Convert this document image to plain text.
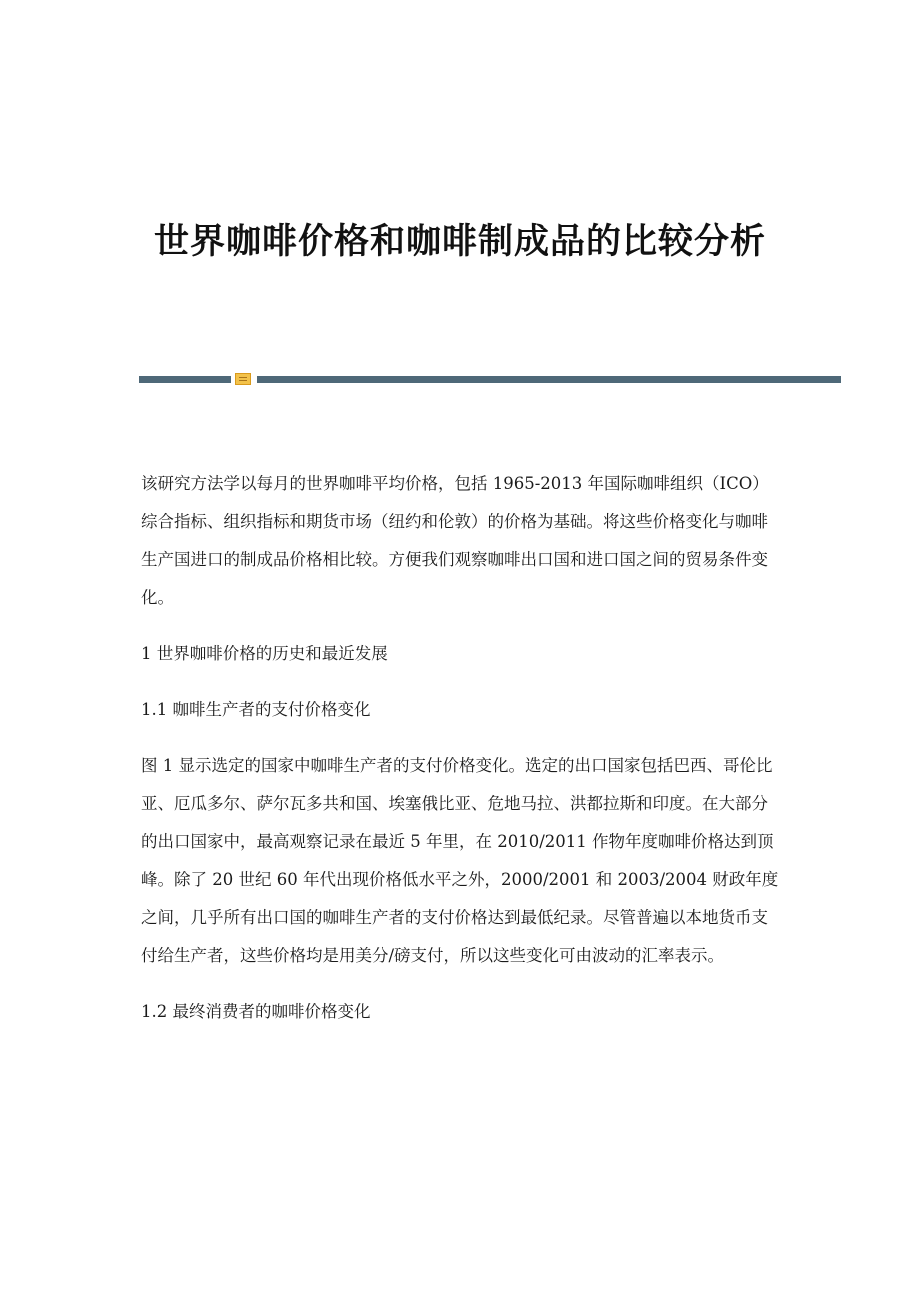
世界咖啡价格和咖啡制成品的比较分析

该研究方法学以每月的世界咖啡平均价格，包括 1965-2013 年国际咖啡组织（ICO）综合指标、组织指标和期货市场（纽约和伦敦）的价格为基础。将这些价格变化与咖啡生产国进口的制成品价格相比较。方便我们观察咖啡出口国和进口国之间的贸易条件变化。

1 世界咖啡价格的历史和最近发展

1.1 咖啡生产者的支付价格变化

图 1 显示选定的国家中咖啡生产者的支付价格变化。选定的出口国家包括巴西、哥伦比亚、厄瓜多尔、萨尔瓦多共和国、埃塞俄比亚、危地马拉、洪都拉斯和印度。在大部分的出口国家中，最高观察记录在最近 5 年里，在 2010/2011 作物年度咖啡价格达到顶峰。除了 20 世纪 60 年代出现价格低水平之外，2000/2001 和 2003/2004 财政年度之间，几乎所有出口国的咖啡生产者的支付价格达到最低纪录。尽管普遍以本地货币支付给生产者，这些价格均是用美分/磅支付，所以这些变化可由波动的汇率表示。

1.2 最终消费者的咖啡价格变化
